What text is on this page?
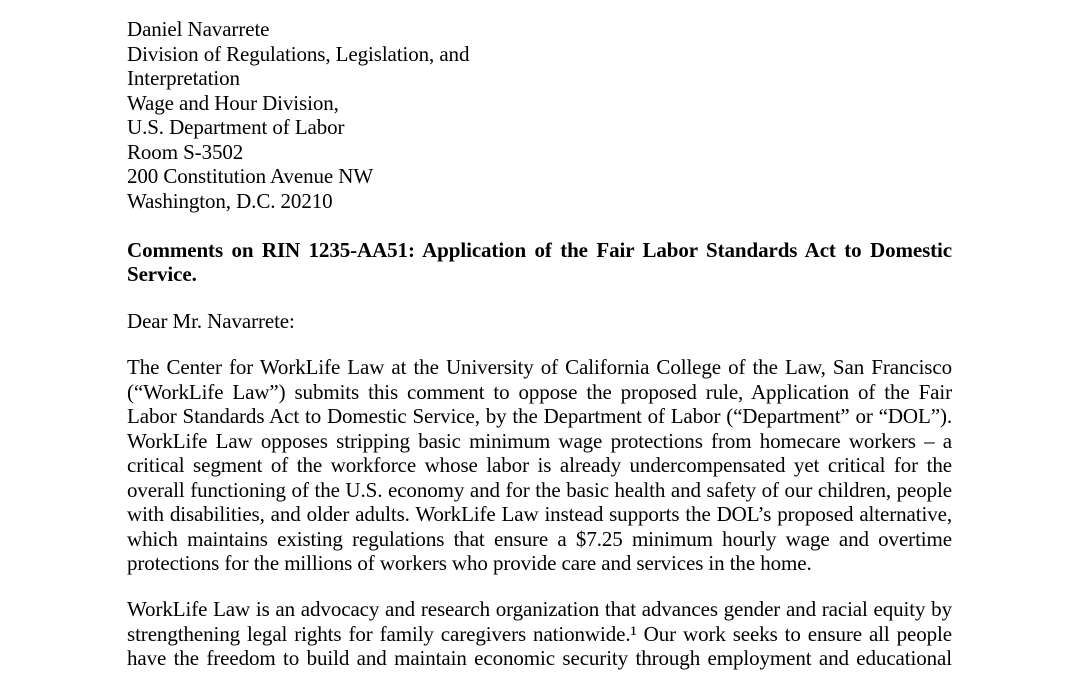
Daniel Navarrete
Division of Regulations, Legislation, and
Interpretation
Wage and Hour Division,
U.S. Department of Labor
Room S-3502
200 Constitution Avenue NW
Washington, D.C. 20210
Comments on RIN 1235-AA51: Application of the Fair Labor Standards Act to Domestic
Service.
Dear Mr. Navarrete:
The Center for WorkLife Law at the University of California College of the Law, San Francisco
(“WorkLife Law”) submits this comment to oppose the proposed rule, Application of the Fair
Labor Standards Act to Domestic Service, by the Department of Labor (“Department” or “DOL”).
WorkLife Law opposes stripping basic minimum wage protections from homecare workers – a
critical segment of the workforce whose labor is already undercompensated yet critical for the
overall functioning of the U.S. economy and for the basic health and safety of our children, people
with disabilities, and older adults. WorkLife Law instead supports the DOL’s proposed alternative,
which maintains existing regulations that ensure a $7.25 minimum hourly wage and overtime
protections for the millions of workers who provide care and services in the home.
WorkLife Law is an advocacy and research organization that advances gender and racial equity by
strengthening legal rights for family caregivers nationwide.¹ Our work seeks to ensure all people
have the freedom to build and maintain economic security through employment and educational
